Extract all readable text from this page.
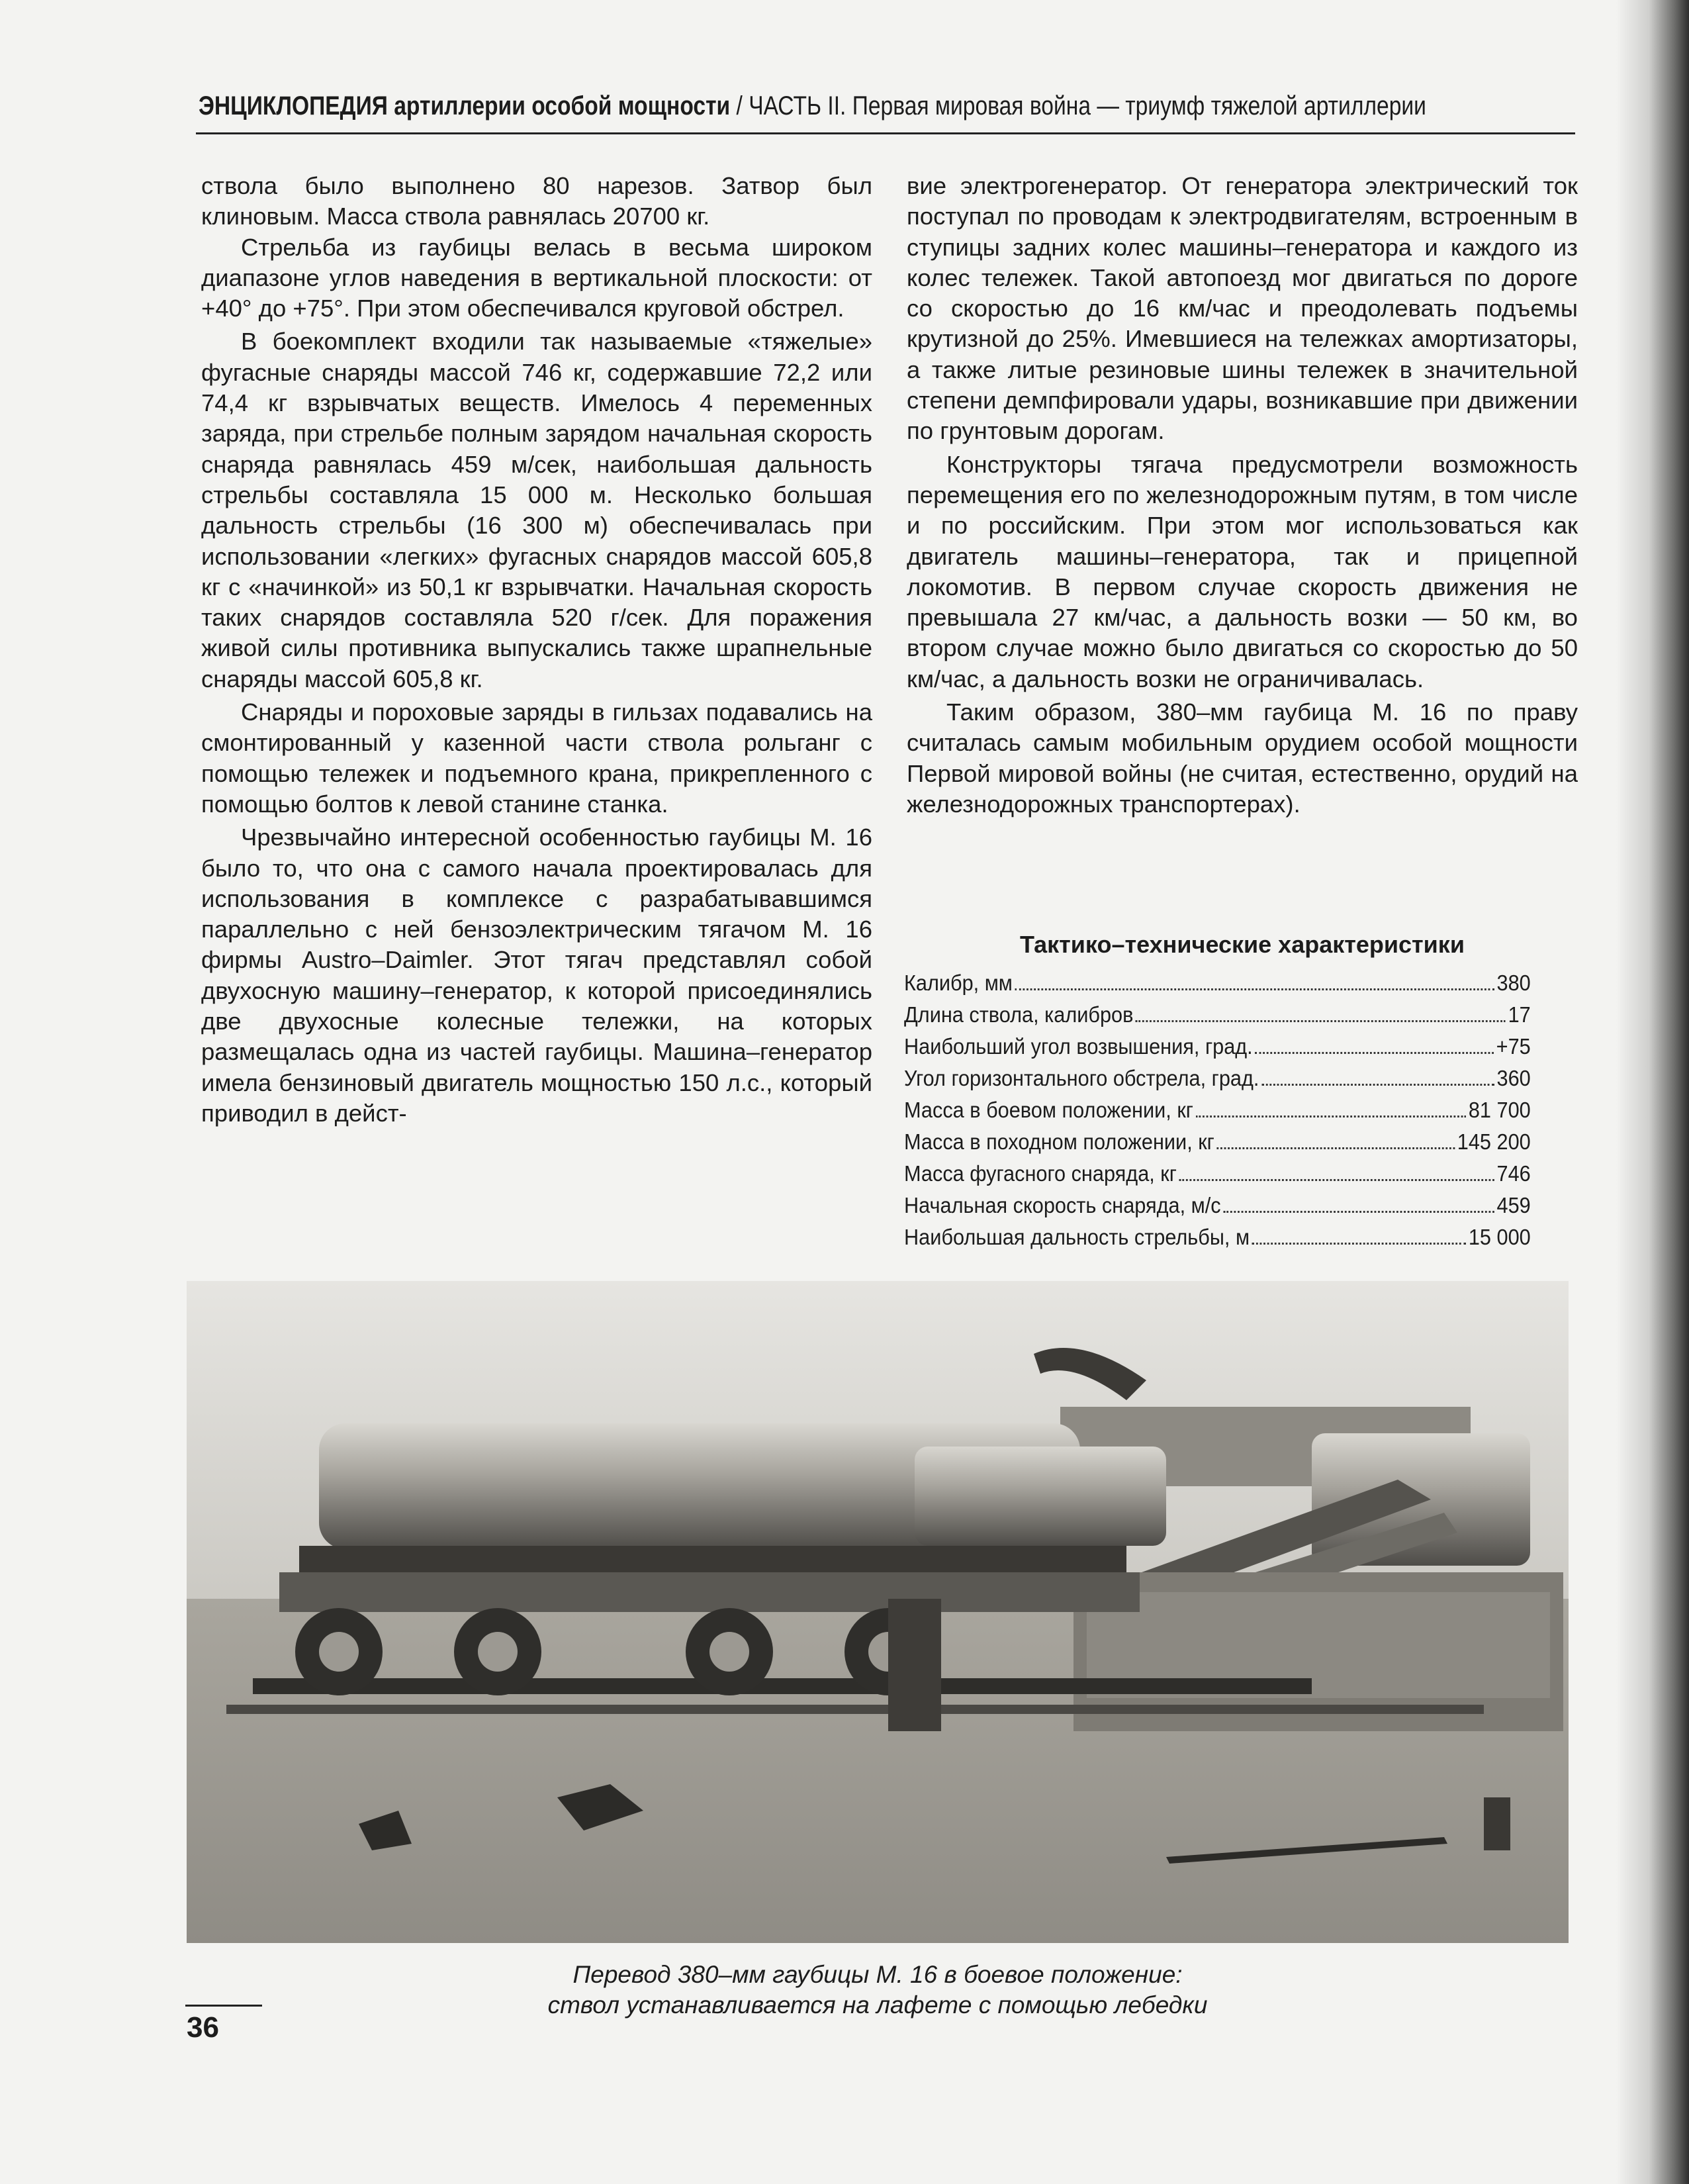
ЭНЦИКЛОПЕДИЯ артиллерии особой мощности / ЧАСТЬ II. Первая мировая война — триумф тяжелой артиллерии

ствола было выполнено 80 нарезов. Затвор был клиновым. Масса ствола равнялась 20700 кг.

Стрельба из гаубицы велась в весьма широком диапазоне углов наведения в вертикальной плоскости: от +40° до +75°. При этом обеспечивался круговой обстрел.

В боекомплект входили так называемые «тяжелые» фугасные снаряды массой 746 кг, содержавшие 72,2 или 74,4 кг взрывчатых веществ. Имелось 4 переменных заряда, при стрельбе полным зарядом начальная скорость снаряда равнялась 459 м/сек, наибольшая дальность стрельбы составляла 15 000 м. Несколько большая дальность стрельбы (16 300 м) обеспечивалась при использовании «легких» фугасных снарядов массой 605,8 кг с «начинкой» из 50,1 кг взрывчатки. Начальная скорость таких снарядов составляла 520 г/сек. Для поражения живой силы противника выпускались также шрапнельные снаряды массой 605,8 кг.

Снаряды и пороховые заряды в гильзах подавались на смонтированный у казенной части ствола рольганг с помощью тележек и подъемного крана, прикрепленного с помощью болтов к левой станине станка.

Чрезвычайно интересной особенностью гаубицы М. 16 было то, что она с самого начала проектировалась для использования в комплексе с разрабатывавшимся параллельно с ней бензоэлектрическим тягачом М. 16 фирмы Austro–Daimler. Этот тягач представлял собой двухосную машину–генератор, к которой присоединялись две двухосные колесные тележки, на которых размещалась одна из частей гаубицы. Машина–генератор имела бензиновый двигатель мощностью 150 л.с., который приводил в дейст-

вие электрогенератор. От генератора электрический ток поступал по проводам к электродвигателям, встроенным в ступицы задних колес машины–генератора и каждого из колес тележек. Такой автопоезд мог двигаться по дороге со скоростью до 16 км/час и преодолевать подъемы крутизной до 25%. Имевшиеся на тележках амортизаторы, а также литые резиновые шины тележек в значительной степени демпфировали удары, возникавшие при движении по грунтовым дорогам.

Конструкторы тягача предусмотрели возможность перемещения его по железнодорожным путям, в том числе и по российским. При этом мог использоваться как двигатель машины–генератора, так и прицепной локомотив. В первом случае скорость движения не превышала 27 км/час, а дальность возки — 50 км, во втором случае можно было двигаться со скоростью до 50 км/час, а дальность возки не ограничивалась.

Таким образом, 380–мм гаубица М. 16 по праву считалась самым мобильным орудием особой мощности Первой мировой войны (не считая, естественно, орудий на железнодорожных транспортерах).

Тактико–технические характеристики
Калибр, мм	380
Длина ствола, калибров	17
Наибольший угол возвышения, град.	+75
Угол горизонтального обстрела, град.	360
Масса в боевом положении, кг	81 700
Масса в походном положении, кг	145 200
Масса фугасного снаряда, кг	746
Начальная скорость снаряда, м/с	459
Наибольшая дальность стрельбы, м	15 000
Перевод 380–мм гаубицы М. 16 в боевое положение:
ствол устанавливается на лафете с помощью лебедки
36
